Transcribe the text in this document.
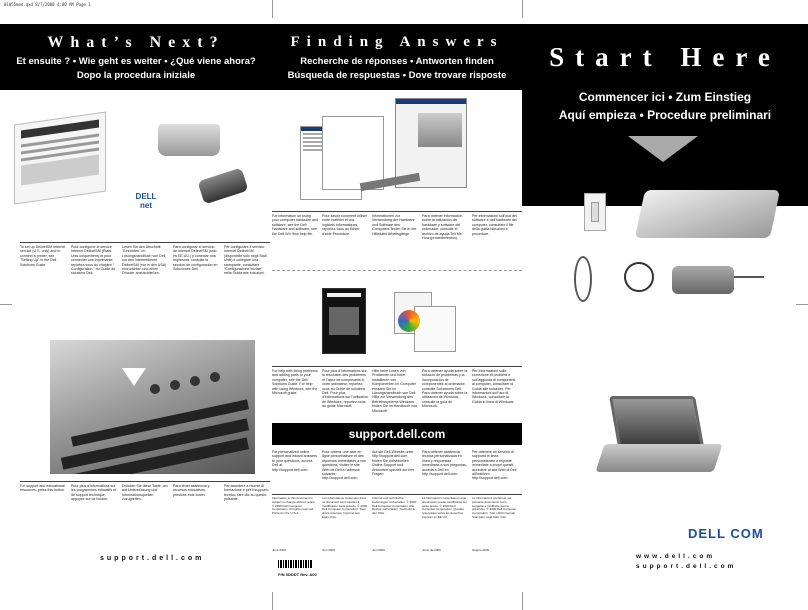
01055med.qxd 8/7/2000 4:00 AM Page 1
What’s Next?
Et ensuite ? • Wie geht es weiter • ¿Qué viene ahora?
Dopo la procedura iniziale
DELL net
To set up DellnetSM Internet service (U.S. only) and to connect a printer, see "Setting Up" in the Dell Solutions Guide.
Pour configurer le service Internet DellnetSM (États-Unis uniquement) et pour connecter une imprimante, reportez-vous au chapitre " Configuration " du Guide de solutions Dell.
Lesen Sie den Abschnitt "Einrichten" im Lösungshandbuch von Dell, um den Internetdienst DellnetSM (nur in den USA) einzurichten und einen Drucker anzuschließen.
Para configurar el servicio de Internet DellnetSM (sólo en EE.UU.) y conectar una impresora, consulte la sección de configuración en Soluciones Dell.
Per configurare il servizio Internet DellnetSM (disponibile solo negli Stati Uniti) e collegare una stampante, consultare "Configurazione iniziale" nella Guida alle soluzioni.
For support and educational resources, press this button.
Pour plus d’informations sur les programmes éducatifs et de support technique, appuyez sur ce bouton.
Drücken Sie diese Taste, um auf Unterstützung und Informationsquellen zuzugreifen.
Para tener asistencia y recursos educativos, presione este botón.
Per accedere a risorse di formazione e per il supporto tecnico, fare clic su questo pulsante.
support.dell.com
Finding Answers
Recherche de réponses • Antworten finden
Búsqueda de respuestas • Dove trovare risposte
For information on using your computer hardware and software, see the Dell Hardware and software, see the Dell Wh How help file.
Pour savoir comment utiliser votre matériel et vos logiciels informatiques, reportez-vous au fichier d’aide Procédure.
Informationen zur Verwendung der Hardware und Software des Computers finden Sie in der Hilfedatei Arbeitsgänge.
Para obtener información sobre la utilización del hardware y software del ordenador, consulte el archivo de ayuda Tell Me How (procedimientos).
Per informazioni sull’uso del software e dell’hardware del computer, consultare il file della guida Istruzioni e procedure.
For help with fixing problems and adding parts to your computer, see the Dell Solutions Guide. For help with using Windows, see the Microsoft guide.
Pour plus d’informations sur la résolution des problèmes et l’ajout de composants à votre ordinateur, reportez-vous au Guide de solutions Dell. Pour plus d’informations sur l’utilisation de Windows, reportez-vous au guide Microsoft.
Hilfe beim Lösen von Problemen und beim Installieren von Komponenten im Computer erhalten Sie im Lösungshandbuch von Dell. Hilfe zur Verwendung des Betriebssystems Windows finden Sie im Handbuch von Microsoft.
Para obtener ayuda sobre la solución de problemas y la incorporación de componentes al ordenador, consulte Soluciones Dell. Para obtener ayuda sobre la utilización de Windows, consulte la guía de Microsoft.
Per informazioni sulla correzione di problemi e sull’aggiunta di componenti al computer, consultare la Guida alle soluzioni. Per informazioni sull’uso di Windows, consultare la Guida in linea di Windows.
support.dell.com
For personalized online support and instant answers to your questions, access Dell at http://support.dell.com.
Pour obtenir une aide en ligne personnalisée et des réponses immédiates à vos questions, visitez le site Web de Dell à l’adresse suivante : http://support.dell.com.
Auf die Dell-Website unter http://support.dell.com finden Sie individuellen Online-Support und Antworten speziell auf Ihre Fragen.
Para obtener asistencia técnica personalizada en línea y respuestas inmediatas a sus preguntas, acceda a Dell en http://support.dell.com.
Per ottenere un servizio di supporto in linea personalizzato e risposte immediate a propri quesiti, accedere al sito Web di Dell all’indirizzo http://support.dell.com.
Information in this document is subject to change without notice. © 2000 Dell Computer Corporation. All rights reserved. Printed in the U.S.A.
Les informations contenues dans ce document sont sujettes à modification sans préavis. © 2000 Dell Computer Corporation. Tous droits réservés. Imprimé aux États-Unis.
Irrtümer und technische Änderungen vorbehalten. © 2000 Dell Computer Corporation. Alle Rechte vorbehalten. Gedruckt in den USA.
La información contenida en este documento puede modificarse sin aviso previo. © 2000 Dell Computer Corporation. Quedan reservados todos los derechos. Impreso en EE.UU.
Le informazioni contenute nel presente documento sono soggette a modifiche senza preavviso. © 2000 Dell Computer Corporation. Tutti i diritti riservati. Stampato negli Stati Uniti.
June 2000	Juin 2000	Juni 2000	Junio de 2000	Giugno 2000
P/N 3DDDT Rev. A00
Start Here
Commencer ici • Zum Einstieg
Aquí empieza • Procedure preliminari
DELL COM
www.dell.com
support.dell.com
